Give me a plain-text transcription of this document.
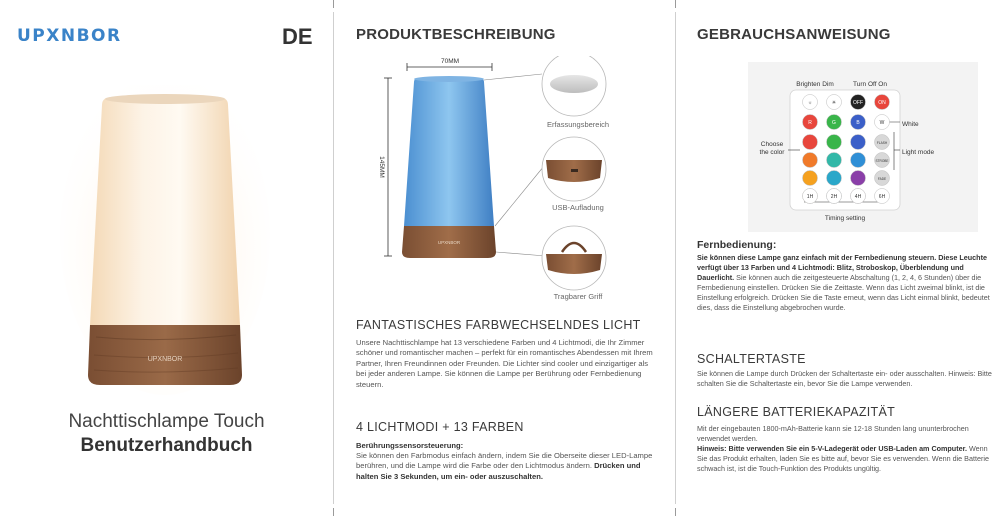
UPXNBOR	DE
UPXNBOR
Nachttischlampe Touch
Benutzerhandbuch
PRODUKTBESCHREIBUNG
70MM
145MM
UPXNBOR
Erfassungsbereich
USB-Aufladung
Tragbarer Griff
FANTASTISCHES FARBWECHSELNDES LICHT
Unsere Nachttischlampe hat 13 verschiedene Farben und 4 Lichtmodi, die Ihr Zimmer schöner und romantischer machen – perfekt für ein romantisches Abendessen mit Ihrem Partner, Ihren Freundinnen oder Freunden. Die Lichter sind cooler und einzigartiger als bei jeder anderen Lampe. Sie können die Lampe per Berührung oder Fernbedienung steuern.
4 LICHTMODI + 13 FARBEN
Berührungssensorsteuerung:
Sie können den Farbmodus einfach ändern, indem Sie die Oberseite dieser LED-Lampe berühren, und die Lampe wird die Farbe oder den Lichtmodus ändern. Drücken und halten Sie 3 Sekunden, um ein- oder auszuschalten.
GEBRAUCHSANWEISUNG
Brighten Dim	Turn Off On
White
Choose
the color	Light mode
Timing setting
☼	☀	OFF	ON
R	G	B	W
FLASH
STROBE
FADE
1H	2H	4H	6H
Fernbedienung:
Sie können diese Lampe ganz einfach mit der Fernbedienung steuern. Diese Leuchte verfügt über 13 Farben und 4 Lichtmodi: Blitz, Stroboskop, Überblendung und Dauerlicht. Sie können auch die zeitgesteuerte Abschaltung (1, 2, 4, 6 Stunden) über die Fernbedienung einstellen. Drücken Sie die Zeittaste. Wenn das Licht zweimal blinkt, ist die Einstellung erfolgreich. Drücken Sie die Taste erneut, wenn das Licht einmal blinkt, bedeutet dies, dass die Einstellung abgebrochen wurde.
SCHALTERTASTE
Sie können die Lampe durch Drücken der Schaltertaste ein- oder ausschalten. Hinweis: Bitte schalten Sie die Schaltertaste ein, bevor Sie die Lampe verwenden.
LÄNGERE BATTERIEKAPAZITÄT
Mit der eingebauten 1800-mAh-Batterie kann sie 12-18 Stunden lang ununterbrochen verwendet werden.
Hinweis: Bitte verwenden Sie ein 5-V-Ladegerät oder USB-Laden am Computer. Wenn Sie das Produkt erhalten, laden Sie es bitte auf, bevor Sie es verwenden. Wenn die Batterie schwach ist, ist die Touch-Funktion des Produkts ungültig.
